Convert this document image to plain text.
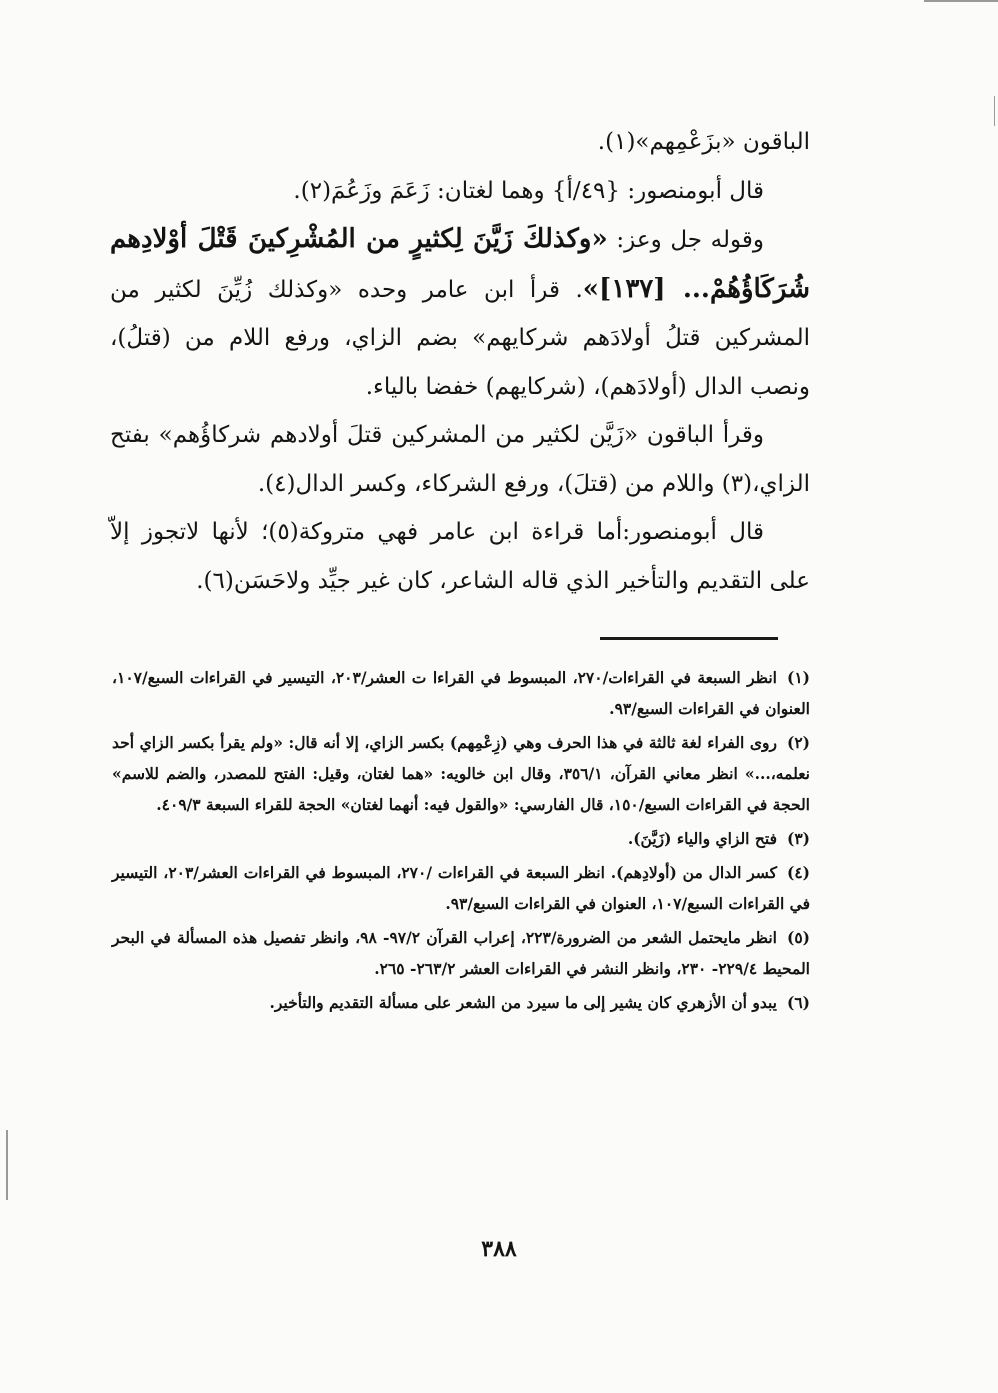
الباقون «بزَعْمِهم»(١).

قال أبومنصور: {٤٩/أ} وهما لغتان: زَعَمَ وزَعُمَ(٢).

وقوله جل وعز: «وكذلكَ زَيَّنَ لِكثيرٍ من المُشْرِكينَ قَتْلَ أوْلادِهم شُرَكَاؤُهُمْ... [١٣٧]». قرأ ابن عامر وحده «وكذلك زُيِّنَ لكثير من المشركين قتلُ أولادَهم شركايهم» بضم الزاي، ورفع اللام من (قتلُ)، ونصب الدال (أولادَهم)، (شركايهم) خفضا بالياء.

وقرأ الباقون «زَيَّن لكثير من المشركين قتلَ أولادهم شركاؤُهم» بفتح الزاي،(٣) واللام من (قتلَ)، ورفع الشركاء، وكسر الدال(٤).

قال أبومنصور:أما قراءة ابن عامر فهي متروكة(٥)؛ لأنها لاتجوز إلاّ على التقديم والتأخير الذي قاله الشاعر، كان غير جيِّد ولاحَسَن(٦).

(١)انظر السبعة في القراءات/٢٧٠، المبسوط في القراءا ت العشر/٢٠٣، التيسير في القراءات السبع/١٠٧، العنوان في القراءات السبع/٩٣.

(٢)روى الفراء لغة ثالثة في هذا الحرف وهي (زِعْمِهم) بكسر الزاي، إلا أنه قال: «ولم يقرأ بكسر الزاي أحد نعلمه،...» انظر معاني القرآن، ٣٥٦/١، وقال ابن خالويه: «هما لغتان، وقيل: الفتح للمصدر، والضم للاسم» الحجة في القراءات السبع/١٥٠، قال الفارسي: «والقول فيه: أنهما لغتان» الحجة للقراء السبعة ٤٠٩/٣.

(٣)فتح الزاي والياء (زَيَّنَ).

(٤)كسر الدال من (أولادِهم). انظر السبعة في القراءات /٢٧٠، المبسوط في القراءات العشر/٢٠٣، التيسير في القراءات السبع/١٠٧، العنوان في القراءات السبع/٩٣.

(٥)انظر مايحتمل الشعر من الضرورة/٢٢٣، إعراب القرآن ٩٧/٢- ٩٨، وانظر تفصيل هذه المسألة في البحر المحيط ٢٢٩/٤- ٢٣٠، وانظر النشر في القراءات العشر ٢٦٣/٢- ٢٦٥.

(٦)يبدو أن الأزهري كان يشير إلى ما سيرد من الشعر على مسألة التقديم والتأخير.

٣٨٨
